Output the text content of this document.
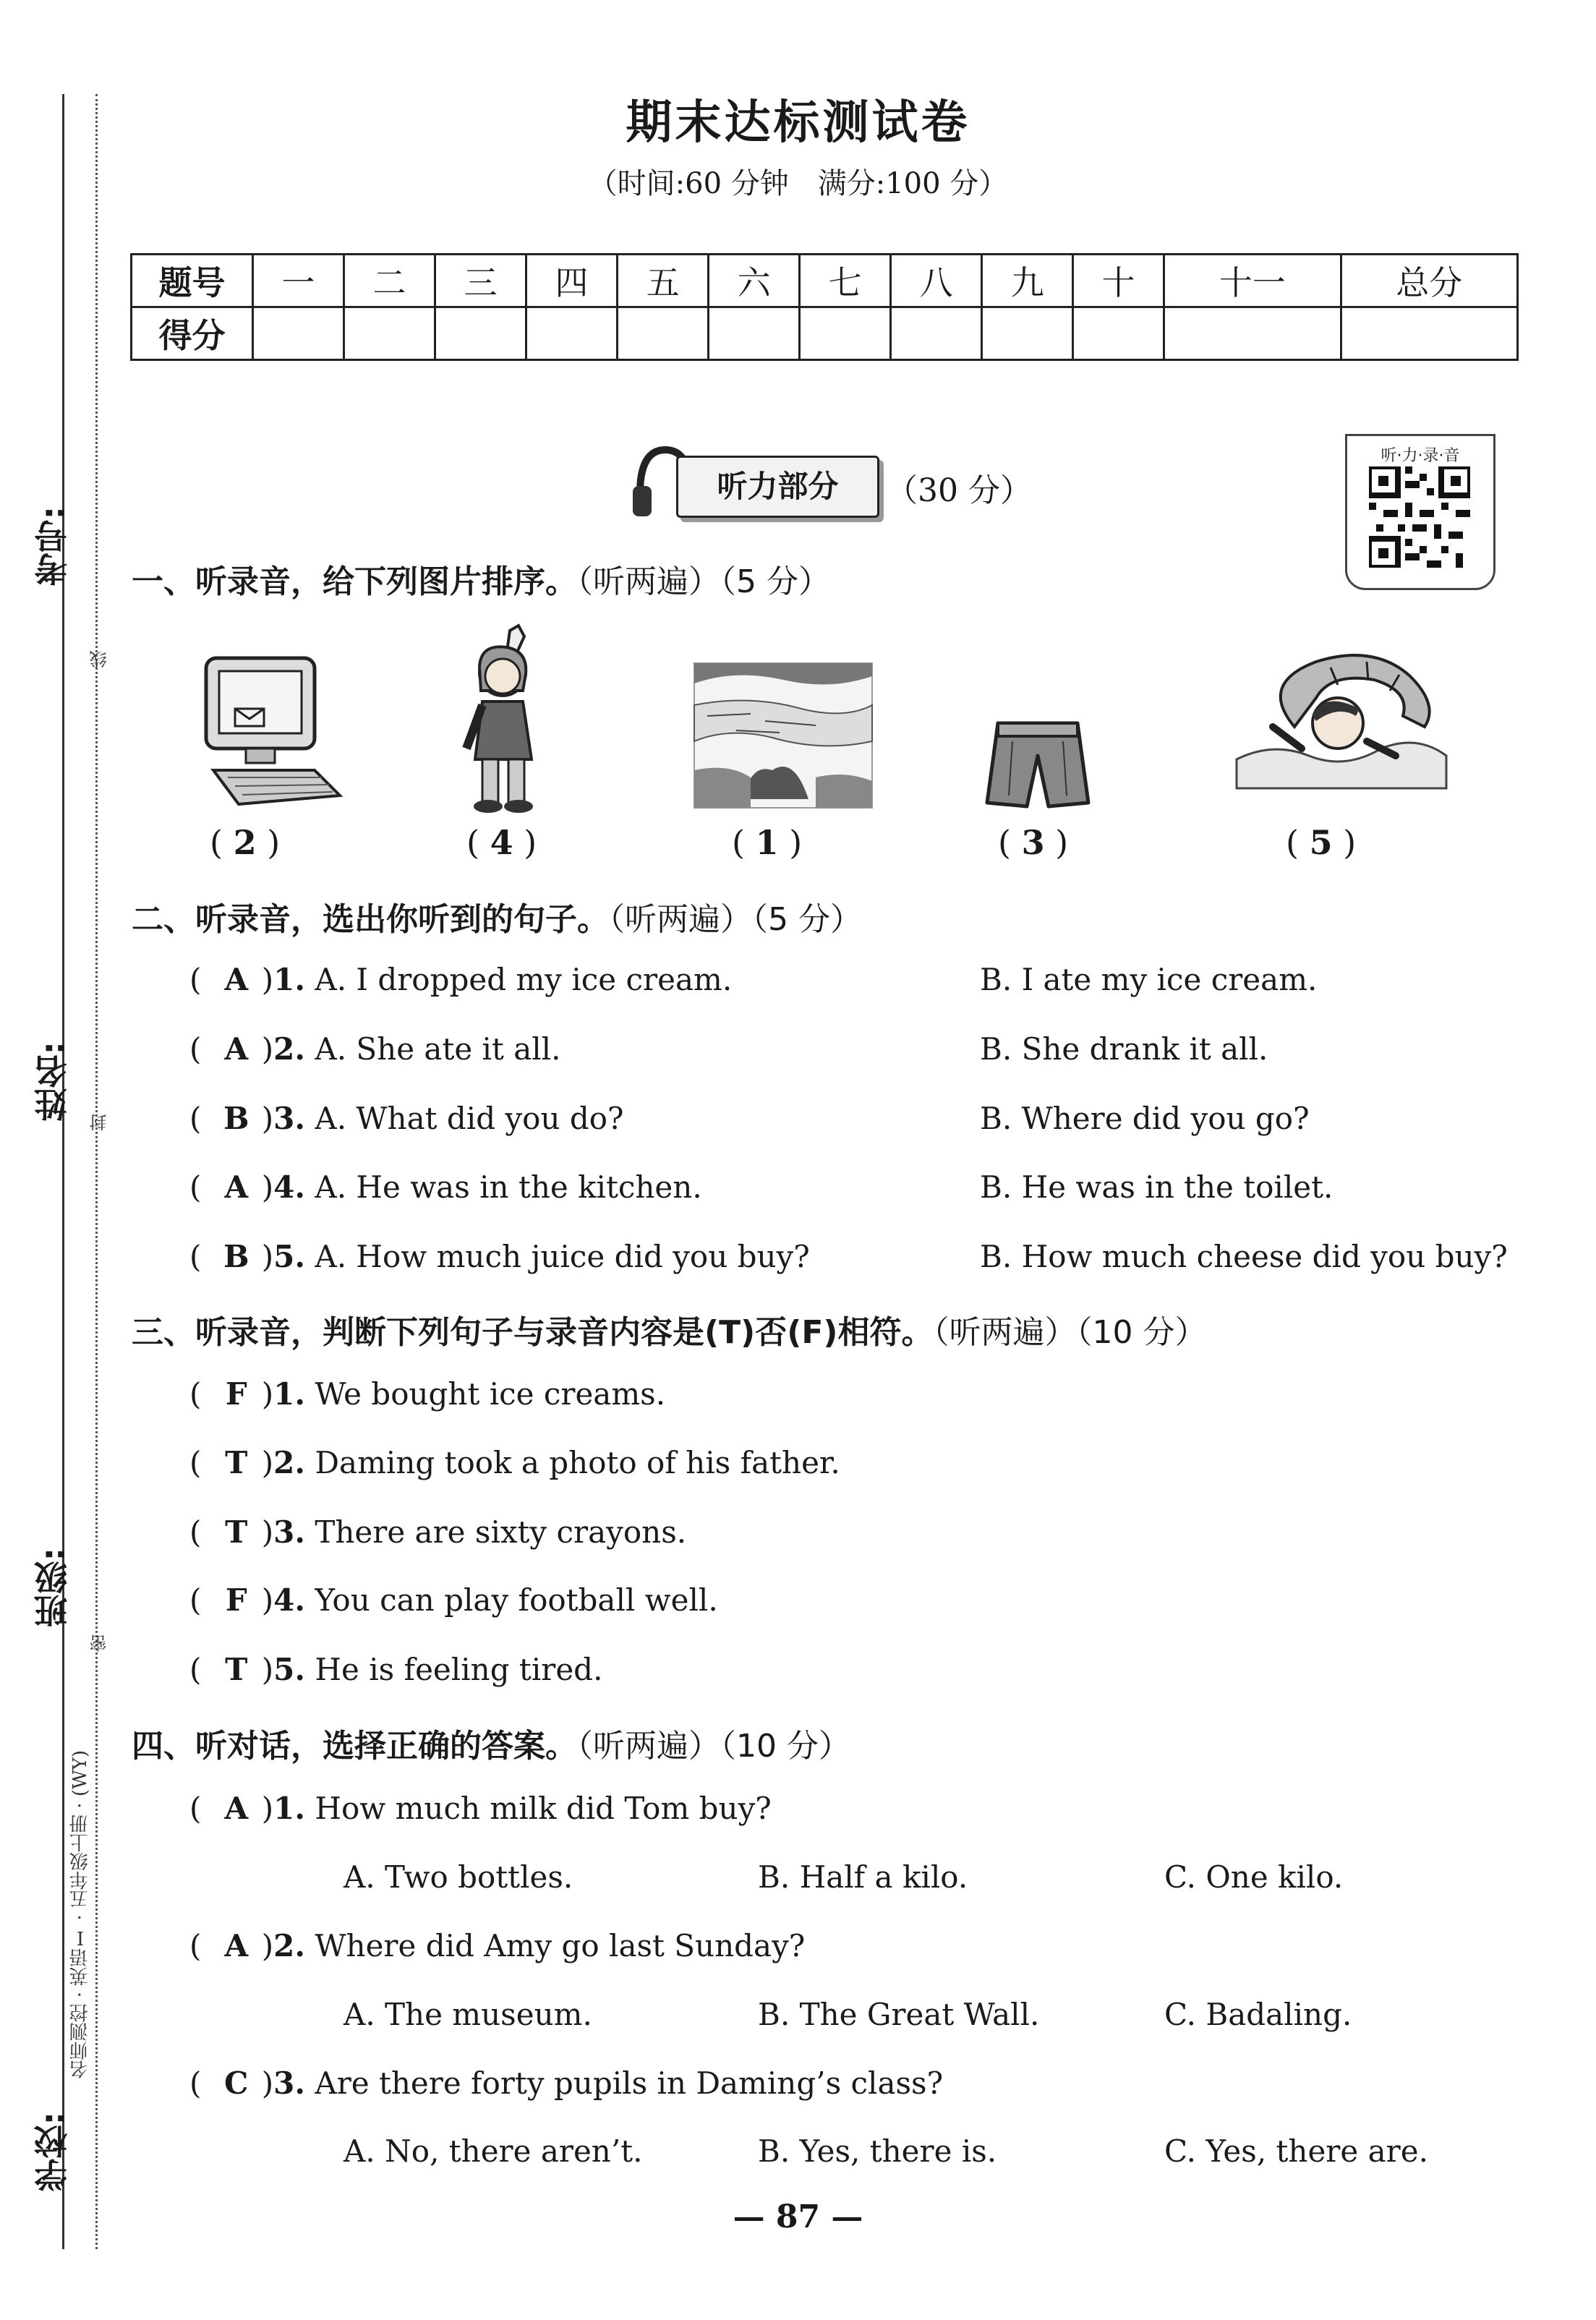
考号:
姓名:
班级:
学校:
线
封
密
名师测控 · 英语Ⅰ · 五年级上册 · (WY)
期末达标测试卷
（时间:60 分钟　满分:100 分）
题号	一	二	三	四	五	六	七	八	九	十	十一	总分
得分												
听力部分	（30 分）
听·力·录·音
一、听录音，给下列图片排序。（听两遍）（5 分）
( 2 )	( 4 )	( 1 )	( 3 )	( 5 )
二、听录音，选出你听到的句子。（听两遍）（5 分）
( A )1. A. I dropped my ice cream.	B. I ate my ice cream.
( A )2. A. She ate it all.	B. She drank it all.
( B )3. A. What did you do?	B. Where did you go?
( A )4. A. He was in the kitchen.	B. He was in the toilet.
( B )5. A. How much juice did you buy?	B. How much cheese did you buy?
三、听录音，判断下列句子与录音内容是(T)否(F)相符。（听两遍）（10 分）
( F )1. We bought ice creams.
( T )2. Daming took a photo of his father.
( T )3. There are sixty crayons.
( F )4. You can play football well.
( T )5. He is feeling tired.
四、听对话，选择正确的答案。（听两遍）（10 分）
( A )1. How much milk did Tom buy?
A. Two bottles.	B. Half a kilo.	C. One kilo.
( A )2. Where did Amy go last Sunday?
A. The museum.	B. The Great Wall.	C. Badaling.
( C )3. Are there forty pupils in Daming’s class?
A. No, there aren’t.	B. Yes, there is.	C. Yes, there are.
— 87 —
